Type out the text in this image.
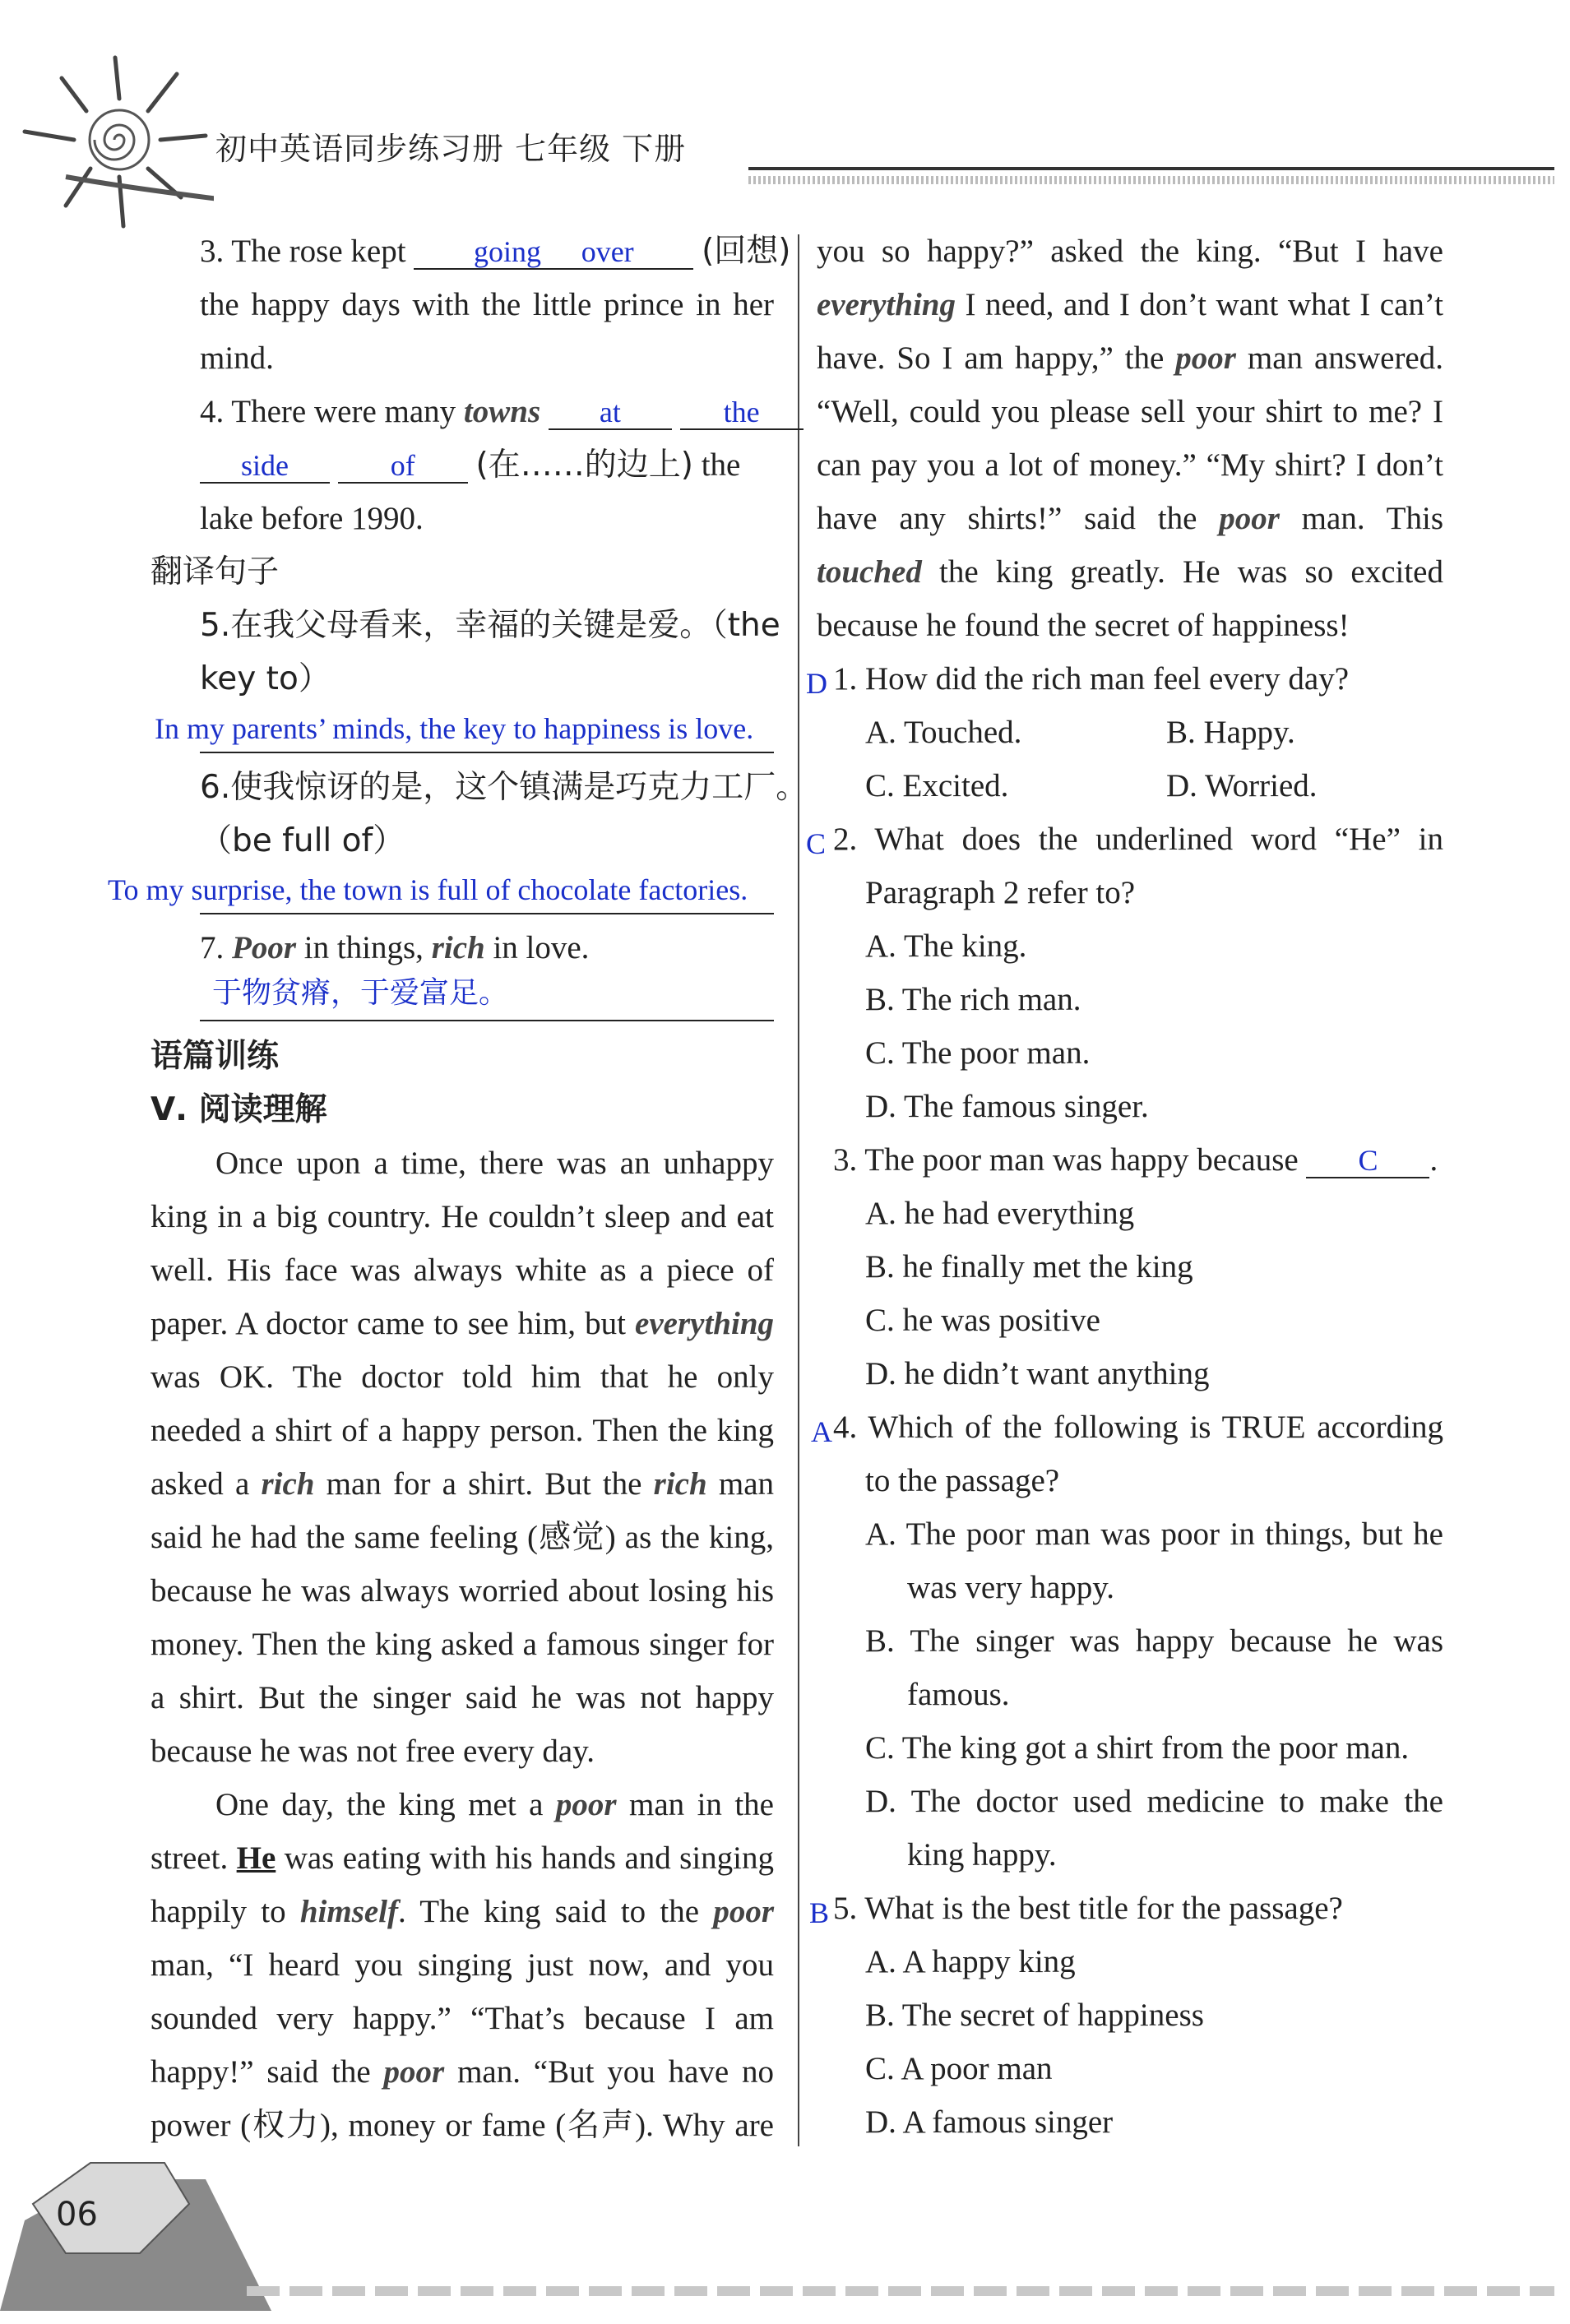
初中英语同步练习册 七年级 下册
3. The rose kept going over (回想)
the happy days with the little prince in her
mind.
4. There were many towns at	the
side	of (在……的边上) the
lake before 1990.
翻译句子
5.在我父母看来，幸福的关键是爱。（the
key to）
In my parents’ minds, the key to happiness is love.
6.使我惊讶的是，这个镇满是巧克力工厂。
（be full of）
To my surprise, the town is full of chocolate factories.
7. Poor in things, rich in love.
于物贫瘠，于爱富足。
语篇训练
Ⅴ. 阅读理解
Once upon a time, there was an unhappy
king in a big country. He couldn’t sleep and eat
well. His face was always white as a piece of
paper. A doctor came to see him, but everything
was OK. The doctor told him that he only
needed a shirt of a happy person. Then the king
asked a rich man for a shirt. But the rich man
said he had the same feeling (感觉) as the king,
because he was always worried about losing his
money. Then the king asked a famous singer for
a shirt. But the singer said he was not happy
because he was not free every day.
One day, the king met a poor man in the
street. He was eating with his hands and singing
happily to himself. The king said to the poor
man, “I heard you singing just now, and you
sounded very happy.” “That’s because I am
happy!” said the poor man. “But you have no
power (权力), money or fame (名声). Why are
you so happy?” asked the king. “But I have
everything I need, and I don’t want what I can’t
have. So I am happy,” the poor man answered.
“Well, could you please sell your shirt to me? I
can pay you a lot of money.” “My shirt? I don’t
have any shirts!” said the poor man. This
touched the king greatly. He was so excited
because he found the secret of happiness!
D 1. How did the rich man feel every day?
A. Touched.	B. Happy.
C. Excited.	D. Worried.
C 2. What does the underlined word “He” in
Paragraph 2 refer to?
A. The king.
B. The rich man.
C. The poor man.
D. The famous singer.
3. The poor man was happy because C .
A. he had everything
B. he finally met the king
C. he was positive
D. he didn’t want anything
A 4. Which of the following is TRUE according
to the passage?
A. The poor man was poor in things, but he
was very happy.
B. The singer was happy because he was
famous.
C. The king got a shirt from the poor man.
D. The doctor used medicine to make the
king happy.
B 5. What is the best title for the passage?
A. A happy king
B. The secret of happiness
C. A poor man
D. A famous singer
06
